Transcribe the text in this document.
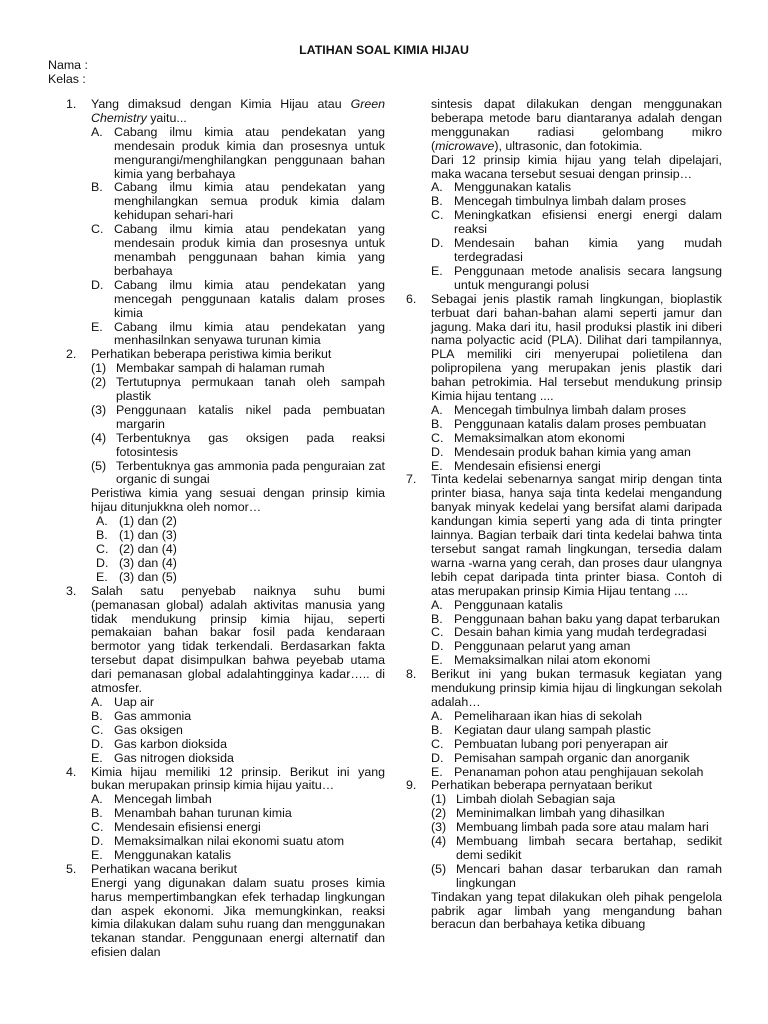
LATIHAN SOAL KIMIA HIJAU
Nama :
Kelas :
1. Yang dimaksud dengan Kimia Hijau atau Green Chemistry yaitu...

A. Cabang ilmu kimia atau pendekatan yang mendesain produk kimia dan prosesnya untuk mengurangi/menghilangkan penggunaan bahan kimia yang berbahaya
B. Cabang ilmu kimia atau pendekatan yang menghilangkan semua produk kimia dalam kehidupan sehari-hari
C. Cabang ilmu kimia atau pendekatan yang mendesain produk kimia dan prosesnya untuk menambah penggunaan bahan kimia yang berbahaya
D. Cabang ilmu kimia atau pendekatan yang mencegah penggunaan katalis dalam proses kimia
E. Cabang ilmu kimia atau pendekatan yang menhasilnkan senyawa turunan kimia
2. Perhatikan beberapa peristiwa kimia berikut

(1) Membakar sampah di halaman rumah
(2) Tertutupnya permukaan tanah oleh sampah plastik
(3) Penggunaan katalis nikel pada pembuatan margarin
(4) Terbentuknya gas oksigen pada reaksi fotosintesis
(5) Terbentuknya gas ammonia pada penguraian zat organic di sungai

Peristiwa kimia yang sesuai dengan prinsip kimia hijau ditunjukkna oleh nomor…

A. (1) dan (2)
B. (1) dan (3)
C. (2) dan (4)
D. (3) dan (4)
E. (3) dan (5)
3. Salah satu penyebab naiknya suhu bumi (pemanasan global) adalah aktivitas manusia yang tidak mendukung prinsip kimia hijau, seperti pemakaian bahan bakar fosil pada kendaraan bermotor yang tidak terkendali. Berdasarkan fakta tersebut dapat disimpulkan bahwa peyebab utama dari pemanasan global adalahtingginya kadar….. di atmosfer.

A. Uap air
B. Gas ammonia
C. Gas oksigen
D. Gas karbon dioksida
E. Gas nitrogen dioksida
4. Kimia hijau memiliki 12 prinsip. Berikut ini yang bukan merupakan prinsip kimia hijau yaitu…

A. Mencegah limbah
B. Menambah bahan turunan kimia
C. Mendesain efisiensi energi
D. Memaksimalkan nilai ekonomi suatu atom
E. Menggunakan katalis
5. Perhatikan wacana berikut

Energi yang digunakan dalam suatu proses kimia harus mempertimbangkan efek terhadap lingkungan dan aspek ekonomi. Jika memungkinkan, reaksi kimia dilakukan dalam suhu ruang dan menggunakan tekanan standar. Penggunaan energi alternatif dan efisien dalan

sintesis dapat dilakukan dengan menggunakan beberapa metode baru diantaranya adalah dengan menggunakan radiasi gelombang mikro (microwave), ultrasonic, dan fotokimia.

Dari 12 prinsip kimia hijau yang telah dipelajari, maka wacana tersebut sesuai dengan prinsip…

A. Menggunakan katalis
B. Mencegah timbulnya limbah dalam proses
C. Meningkatkan efisiensi energi energi dalam reaksi
D. Mendesain bahan kimia yang mudah terdegradasi
E. Penggunaan metode analisis secara langsung untuk mengurangi polusi
6. Sebagai jenis plastik ramah lingkungan, bioplastik terbuat dari bahan-bahan alami seperti jamur dan jagung. Maka dari itu, hasil produksi plastik ini diberi nama polyactic acid (PLA). Dilihat dari tampilannya, PLA memiliki ciri menyerupai polietilena dan polipropilena yang merupakan jenis plastik dari bahan petrokimia. Hal tersebut mendukung prinsip Kimia hijau tentang ....

A. Mencegah timbulnya limbah dalam proses
B. Penggunaan katalis dalam proses pembuatan
C. Memaksimalkan atom ekonomi
D. Mendesain produk bahan kimia yang aman
E. Mendesain efisiensi energi
7. Tinta kedelai sebenarnya sangat mirip dengan tinta printer biasa, hanya saja tinta kedelai mengandung banyak minyak kedelai yang bersifat alami daripada kandungan kimia seperti yang ada di tinta pringter lainnya. Bagian terbaik dari tinta kedelai bahwa tinta tersebut sangat ramah lingkungan, tersedia dalam warna -warna yang cerah, dan proses daur ulangnya lebih cepat daripada tinta printer biasa. Contoh di atas merupakan prinsip Kimia Hijau tentang ....

A. Penggunaan katalis
B. Penggunaan bahan baku yang dapat terbarukan
C. Desain bahan kimia yang mudah terdegradasi
D. Penggunaan pelarut yang aman
E. Memaksimalkan nilai atom ekonomi
8. Berikut ini yang bukan termasuk kegiatan yang mendukung prinsip kimia hijau di lingkungan sekolah adalah…

A. Pemeliharaan ikan hias di sekolah
B. Kegiatan daur ulang sampah plastic
C. Pembuatan lubang pori penyerapan air
D. Pemisahan sampah organic dan anorganik
E. Penanaman pohon atau penghijauan sekolah
9. Perhatikan beberapa pernyataan berikut

(1) Limbah diolah Sebagian saja
(2) Meminimalkan limbah yang dihasilkan
(3) Membuang limbah pada sore atau malam hari
(4) Membuang limbah secara bertahap, sedikit demi sedikit
(5) Mencari bahan dasar terbarukan dan ramah lingkungan

Tindakan yang tepat dilakukan oleh pihak pengelola pabrik agar limbah yang mengandung bahan beracun dan berbahaya ketika dibuang
